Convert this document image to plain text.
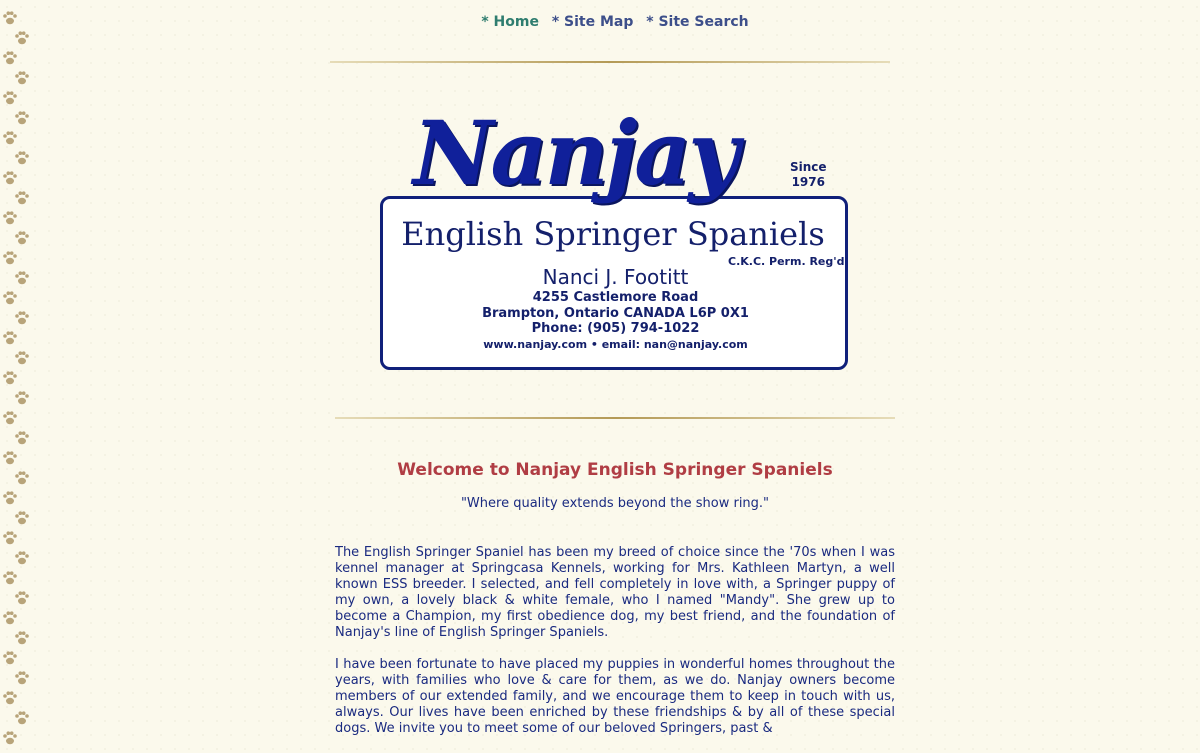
* Home * Site Map * Site Search
Nanjay	Since
1976
English Springer Spaniels
C.K.C. Perm. Reg'd
Nanci J. Footitt
4255 Castlemore Road
Brampton, Ontario CANADA L6P 0X1
Phone: (905) 794-1022
www.nanjay.com • email: nan@nanjay.com
Welcome to Nanjay English Springer Spaniels
"Where quality extends beyond the show ring."

The English Springer Spaniel has been my breed of choice since the '70s when I was kennel manager at Springcasa Kennels, working for Mrs. Kathleen Martyn, a well known ESS breeder. I selected, and fell completely in love with, a Springer puppy of my own, a lovely black & white female, who I named "Mandy". She grew up to become a Champion, my first obedience dog, my best friend, and the foundation of Nanjay's line of English Springer Spaniels.

I have been fortunate to have placed my puppies in wonderful homes throughout the years, with families who love & care for them, as we do. Nanjay owners become members of our extended family, and we encourage them to keep in touch with us, always. Our lives have been enriched by these friendships & by all of these special dogs. We invite you to meet some of our beloved Springers, past &
